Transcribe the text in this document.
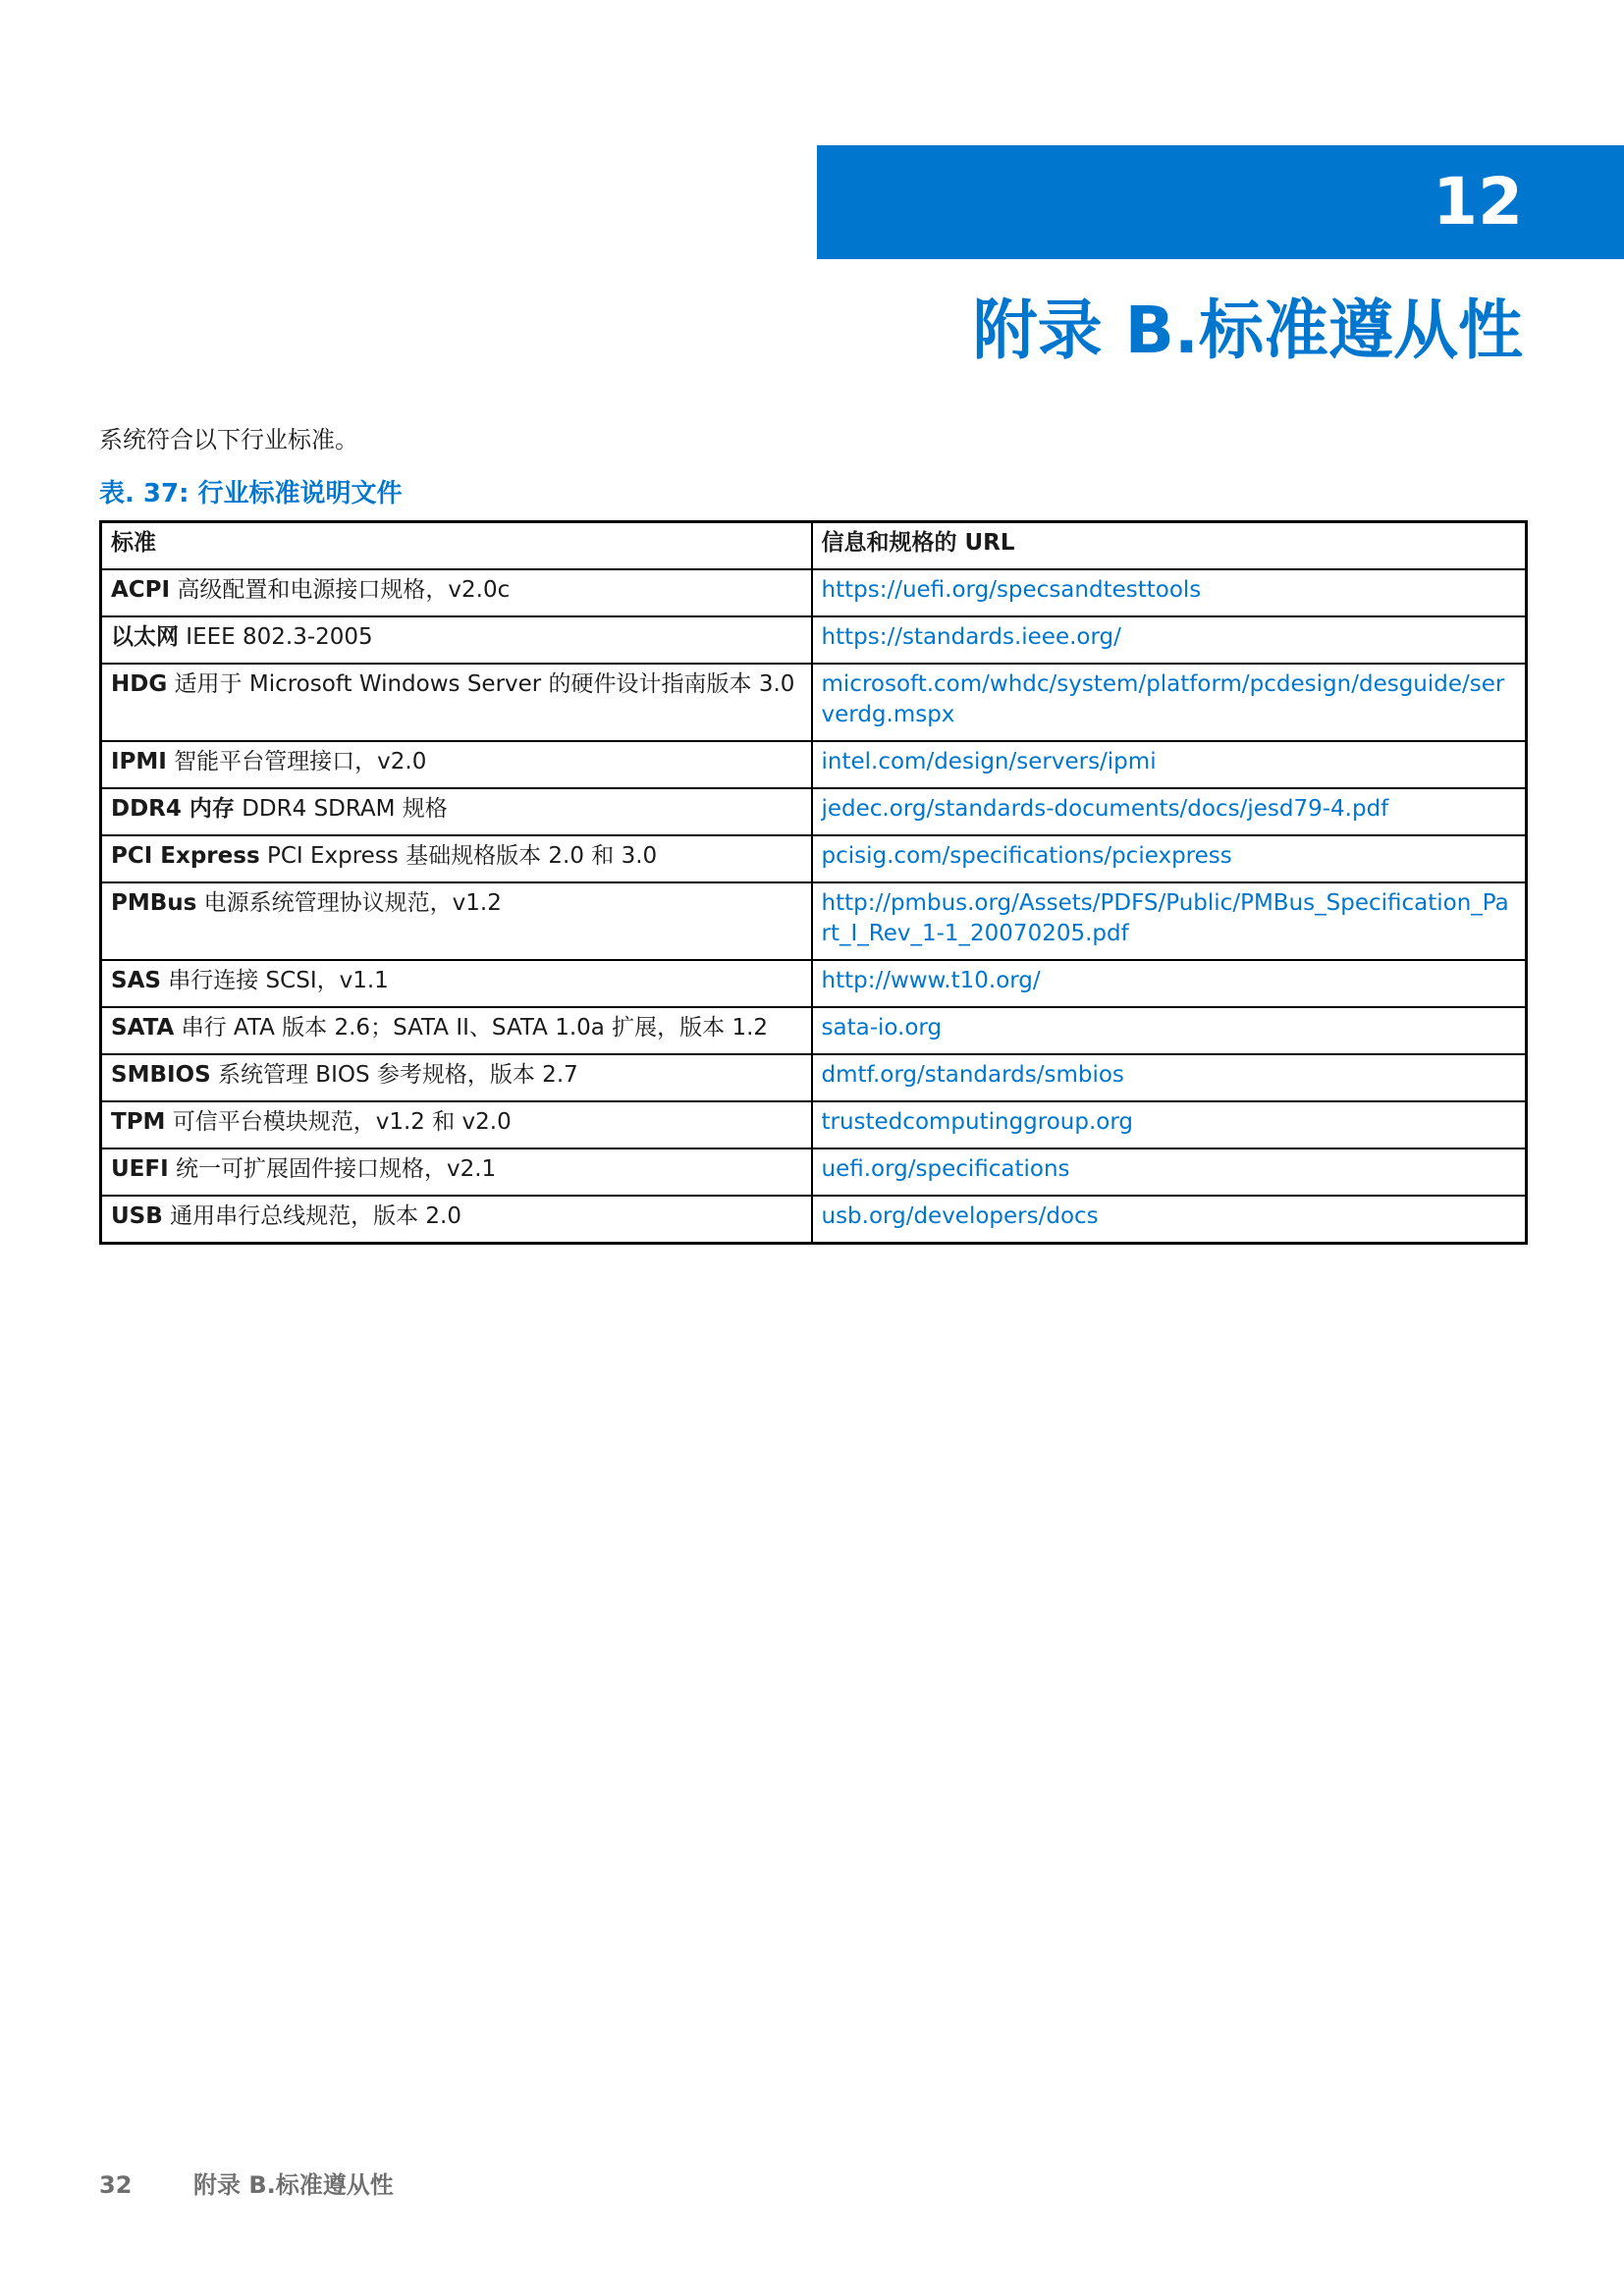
12
附录 B.标准遵从性
系统符合以下行业标准。
表. 37: 行业标准说明文件
标准	信息和规格的 URL
ACPI 高级配置和电源接口规格，v2.0c	https://uefi.org/specsandtesttools
以太网 IEEE 802.3-2005	https://standards.ieee.org/
HDG 适用于 Microsoft Windows Server 的硬件设计指南版本 3.0	microsoft.com/whdc/system/platform/pcdesign/desguide/serverdg.mspx
IPMI 智能平台管理接口，v2.0	intel.com/design/servers/ipmi
DDR4 内存 DDR4 SDRAM 规格	jedec.org/standards-documents/docs/jesd79-4.pdf
PCI Express PCI Express 基础规格版本 2.0 和 3.0	pcisig.com/specifications/pciexpress
PMBus 电源系统管理协议规范，v1.2	http://pmbus.org/Assets/PDFS/Public/PMBus_Specification_Part_I_Rev_1-1_20070205.pdf
SAS 串行连接 SCSI，v1.1	http://www.t10.org/
SATA 串行 ATA 版本 2.6；SATA II、SATA 1.0a 扩展，版本 1.2	sata-io.org
SMBIOS 系统管理 BIOS 参考规格，版本 2.7	dmtf.org/standards/smbios
TPM 可信平台模块规范，v1.2 和 v2.0	trustedcomputinggroup.org
UEFI 统一可扩展固件接口规格，v2.1	uefi.org/specifications
USB 通用串行总线规范，版本 2.0	usb.org/developers/docs
32	附录 B.标准遵从性
